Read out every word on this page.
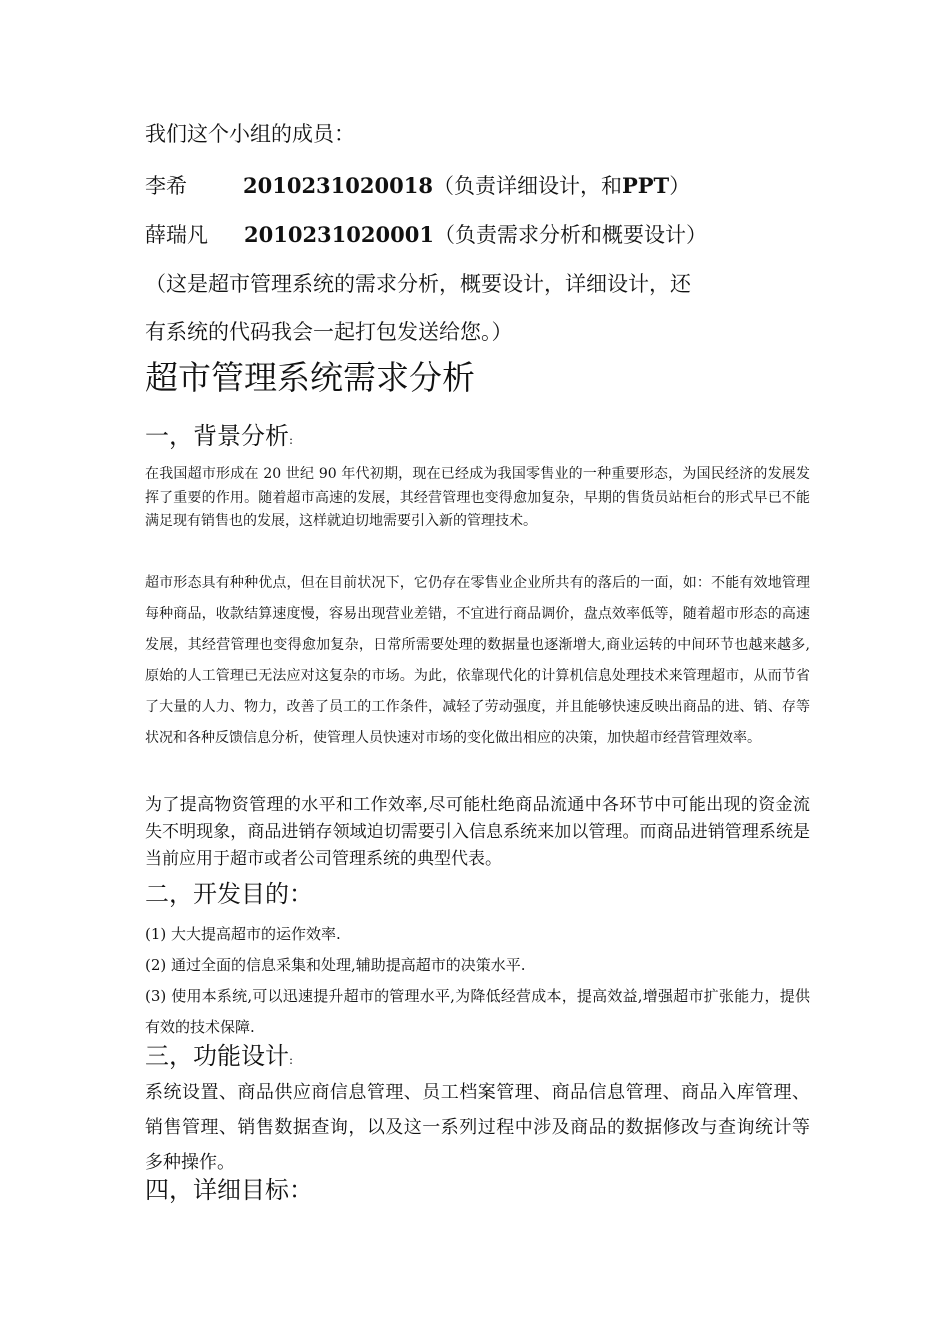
我们这个小组的成员：
李希	2010231020018（负责详细设计，和PPT）
薛瑞凡 2010231020001（负责需求分析和概要设计）
（这是超市管理系统的需求分析，概要设计，详细设计，还
有系统的代码我会一起打包发送给您。）
超市管理系统需求分析
一，背景分析:
在我国超市形成在 20 世纪 90 年代初期，现在已经成为我国零售业的一种重要形态，为国民经济的发展发挥了重要的作用。随着超市高速的发展，其经营管理也变得愈加复杂，早期的售货员站柜台的形式早已不能满足现有销售也的发展，这样就迫切地需要引入新的管理技术。
超市形态具有种种优点，但在目前状况下，它仍存在零售业企业所共有的落后的一面，如：不能有效地管理每种商品，收款结算速度慢，容易出现营业差错，不宜进行商品调价，盘点效率低等，随着超市形态的高速发展，其经营管理也变得愈加复杂，日常所需要处理的数据量也逐渐增大,商业运转的中间环节也越来越多,原始的人工管理已无法应对这复杂的市场。为此，依靠现代化的计算机信息处理技术来管理超市，从而节省了大量的人力、物力，改善了员工的工作条件，减轻了劳动强度，并且能够快速反映出商品的进、销、存等状况和各种反馈信息分析，使管理人员快速对市场的变化做出相应的决策，加快超市经营管理效率。
为了提高物资管理的水平和工作效率,尽可能杜绝商品流通中各环节中可能出现的资金流失不明现象，商品进销存领域迫切需要引入信息系统来加以管理。而商品进销管理系统是当前应用于超市或者公司管理系统的典型代表。
二，开发目的：
(1) 大大提高超市的运作效率.
(2) 通过全面的信息采集和处理,辅助提高超市的决策水平.
(3) 使用本系统,可以迅速提升超市的管理水平,为降低经营成本，提高效益,增强超市扩张能力，提供有效的技术保障.
三，功能设计:
系统设置、商品供应商信息管理、员工档案管理、商品信息管理、商品入库管理、销售管理、销售数据查询，以及这一系列过程中涉及商品的数据修改与查询统计等多种操作。
四，详细目标：
